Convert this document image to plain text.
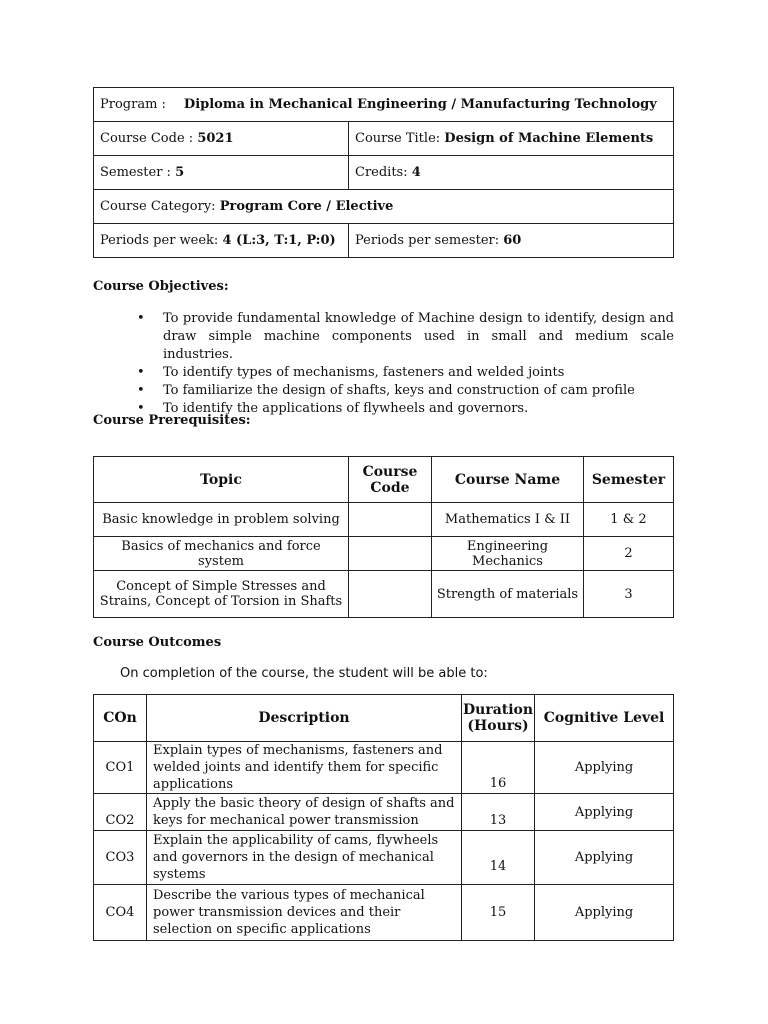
Program : Diploma in Mechanical Engineering / Manufacturing Technology	
Course Code : 5021	Course Title: Design of Machine Elements
Semester : 5	Credits: 4
Course Category: Program Core / Elective	
Periods per week: 4 (L:3, T:1, P:0)	Periods per semester: 60
Course Objectives:
• To provide fundamental knowledge of Machine design to identify, design and draw simple machine components used in small and medium scale industries.
• To identify types of mechanisms, fasteners and welded joints
• To familiarize the design of shafts, keys and construction of cam profile
• To identify the applications of flywheels and governors.
Course Prerequisites:
Topic	Course Code	Course Name	Semester
Basic knowledge in problem solving		Mathematics I & II	1 & 2
Basics of mechanics and force system		Engineering Mechanics	2
Concept of Simple Stresses and Strains, Concept of Torsion in Shafts		Strength of materials	3
Course Outcomes
On completion of the course, the student will be able to:
COn	Description	Duration (Hours)	Cognitive Level
CO1	Explain types of mechanisms, fasteners and welded joints and identify them for specific applications	16	Applying
CO2	Apply the basic theory of design of shafts and keys for mechanical power transmission	13	Applying
CO3	Explain the applicability of cams, flywheels and governors in the design of mechanical systems	14	Applying
CO4	Describe the various types of mechanical power transmission devices and their selection on specific applications	15	Applying
